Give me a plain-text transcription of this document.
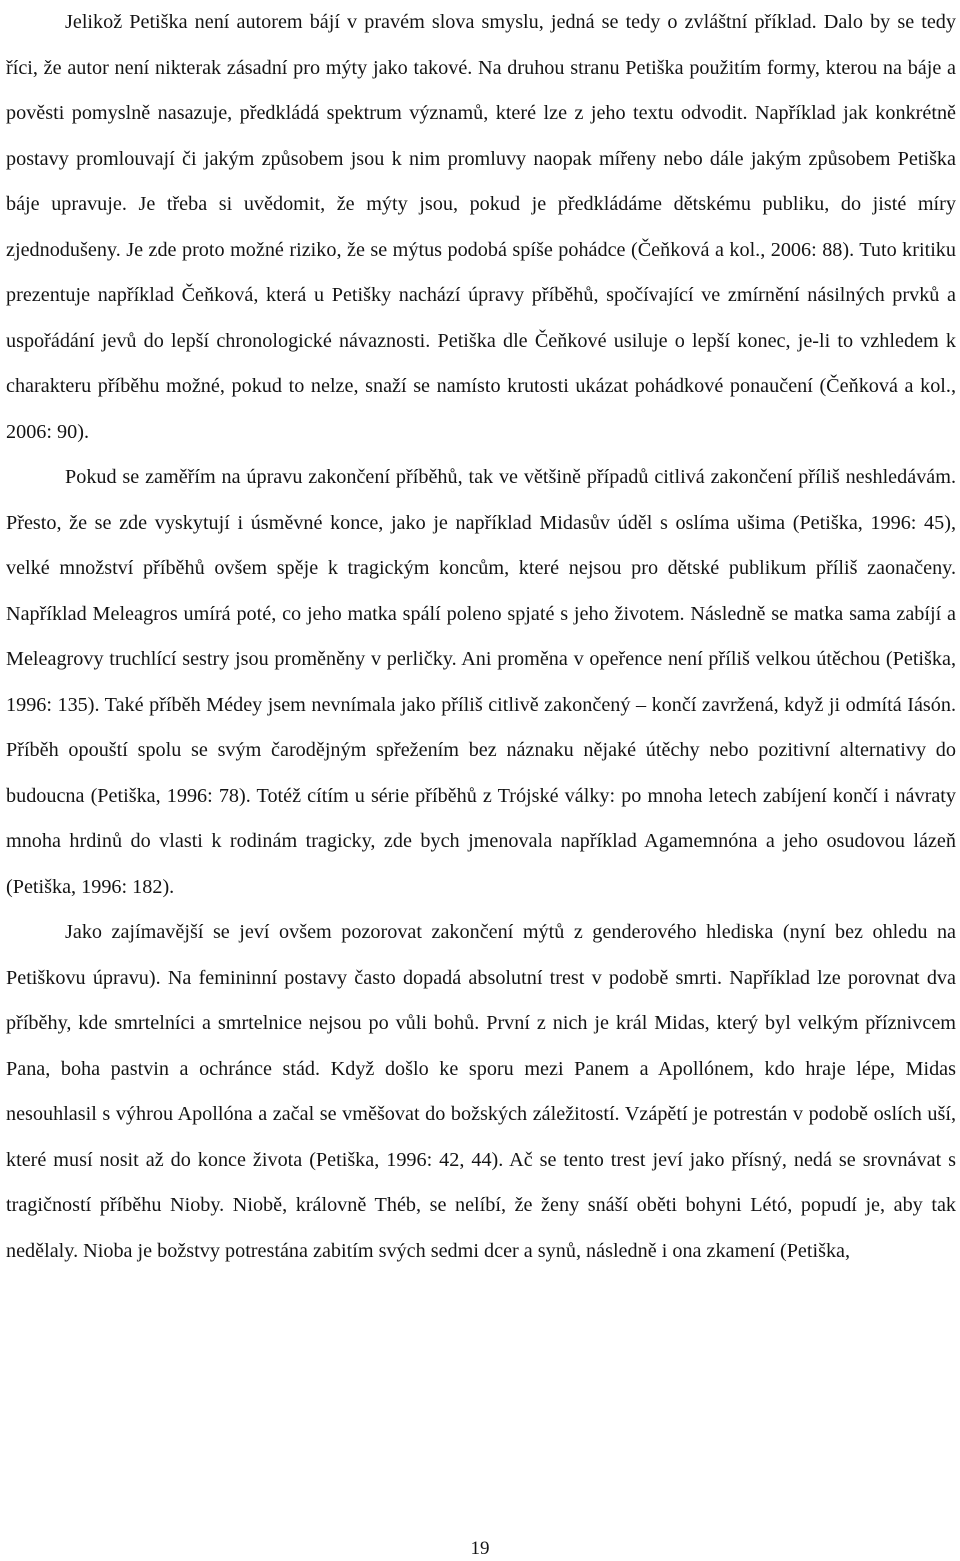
Jelikož Petiška není autorem bájí v pravém slova smyslu, jedná se tedy o zvláštní příklad. Dalo by se tedy říci, že autor není nikterak zásadní pro mýty jako takové. Na druhou stranu Petiška použitím formy, kterou na báje a pověsti pomyslně nasazuje, předkládá spektrum významů, které lze z jeho textu odvodit. Například jak konkrétně postavy promlouvají či jakým způsobem jsou k nim promluvy naopak mířeny nebo dále jakým způsobem Petiška báje upravuje. Je třeba si uvědomit, že mýty jsou, pokud je předkládáme dětskému publiku, do jisté míry zjednodušeny. Je zde proto možné riziko, že se mýtus podobá spíše pohádce (Čeňková a kol., 2006: 88). Tuto kritiku prezentuje například Čeňková, která u Petišky nachází úpravy příběhů, spočívající ve zmírnění násilných prvků a uspořádání jevů do lepší chronologické návaznosti. Petiška dle Čeňkové usiluje o lepší konec, je-li to vzhledem k charakteru příběhu možné, pokud to nelze, snaží se namísto krutosti ukázat pohádkové ponaučení (Čeňková a kol., 2006: 90).

Pokud se zaměřím na úpravu zakončení příběhů, tak ve většině případů citlivá zakončení příliš neshledávám. Přesto, že se zde vyskytují i úsměvné konce, jako je například Midasův úděl s oslíma ušima (Petiška, 1996: 45), velké množství příběhů ovšem spěje k tragickým koncům, které nejsou pro dětské publikum příliš zaonačeny. Například Meleagros umírá poté, co jeho matka spálí poleno spjaté s jeho životem. Následně se matka sama zabíjí a Meleagrovy truchlící sestry jsou proměněny v perličky. Ani proměna v opeřence není příliš velkou útěchou (Petiška, 1996: 135). Také příběh Médey jsem nevnímala jako příliš citlivě zakončený – končí zavržená, když ji odmítá Iásón. Příběh opouští spolu se svým čarodějným spřežením bez náznaku nějaké útěchy nebo pozitivní alternativy do budoucna (Petiška, 1996: 78). Totéž cítím u série příběhů z Trójské války: po mnoha letech zabíjení končí i návraty mnoha hrdinů do vlasti k rodinám tragicky, zde bych jmenovala například Agamemnóna a jeho osudovou lázeň (Petiška, 1996: 182).

Jako zajímavější se jeví ovšem pozorovat zakončení mýtů z genderového hlediska (nyní bez ohledu na Petiškovu úpravu). Na femininní postavy často dopadá absolutní trest v podobě smrti. Například lze porovnat dva příběhy, kde smrtelníci a smrtelnice nejsou po vůli bohů. První z nich je král Midas, který byl velkým příznivcem Pana, boha pastvin a ochránce stád. Když došlo ke sporu mezi Panem a Apollónem, kdo hraje lépe, Midas nesouhlasil s výhrou Apollóna a začal se vměšovat do božských záležitostí. Vzápětí je potrestán v podobě oslích uší, které musí nosit až do konce života (Petiška, 1996: 42, 44). Ač se tento trest jeví jako přísný, nedá se srovnávat s tragičností příběhu Nioby. Niobě, královně Théb, se nelíbí, že ženy snáší oběti bohyni Létó, popudí je, aby tak nedělaly. Nioba je božstvy potrestána zabitím svých sedmi dcer a synů, následně i ona zkamení (Petiška,

19
